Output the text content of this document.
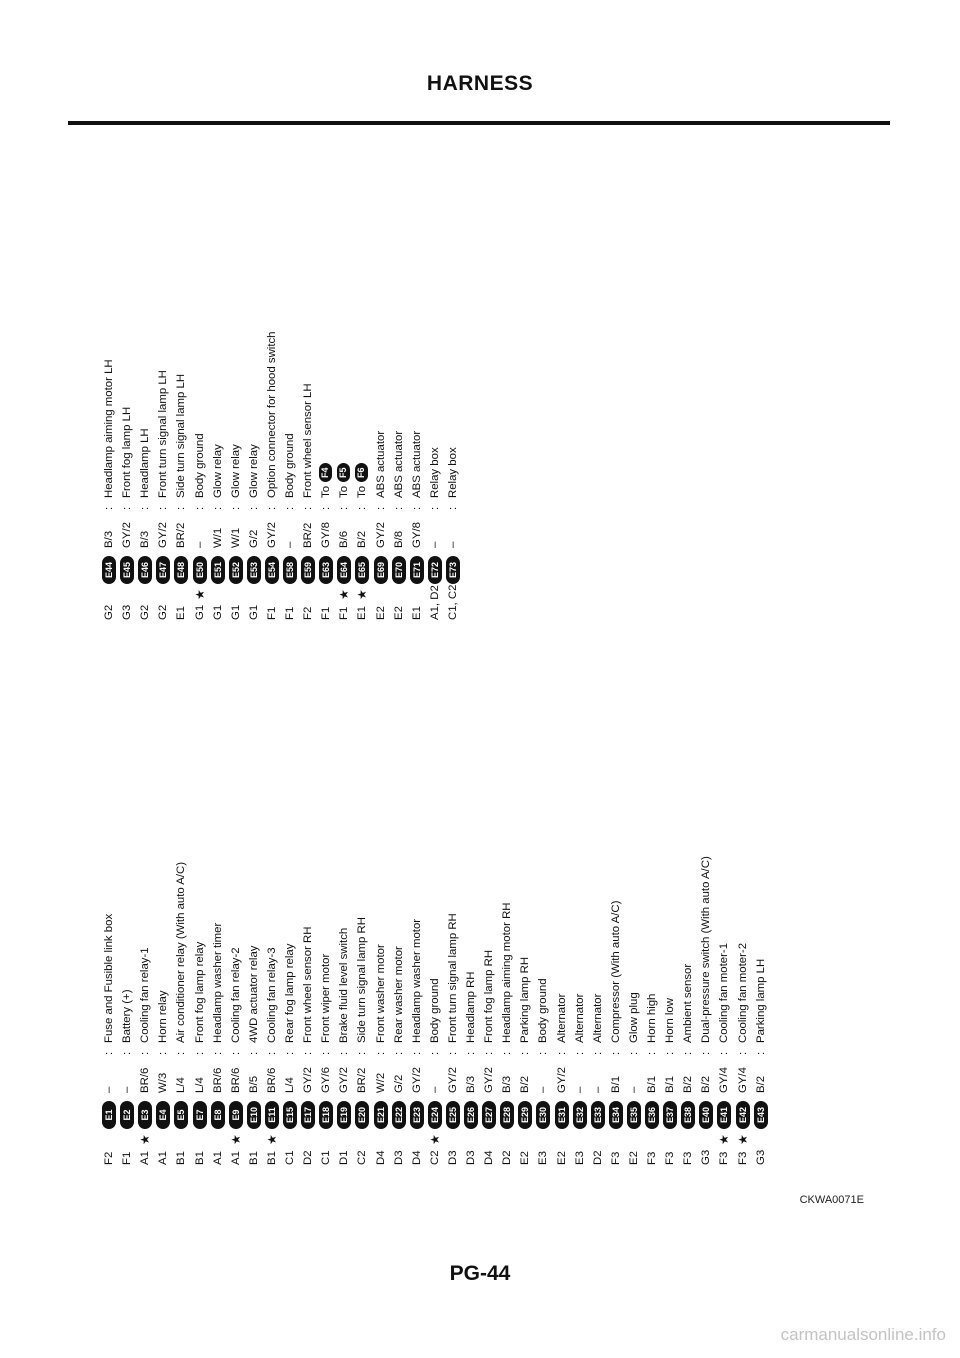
HARNESS
F2
E1
–
:
Fuse and Fusible link box
F1
E2
–
:
Battery (+)
A1
★
E3
BR/6
:
Cooling fan relay-1
A1
E4
W/3
:
Horn relay
B1
E5
L/4
:
Air conditioner relay (With auto A/C)
B1
E7
L/4
:
Front fog lamp relay
A1
E8
BR/6
:
Headlamp washer timer
A1
★
E9
BR/6
:
Cooling fan relay-2
B1
E10
B/5
:
4WD actuator relay
B1
★
E11
BR/6
:
Cooling fan relay-3
C1
E15
L/4
:
Rear fog lamp relay
D2
E17
GY/2
:
Front wheel sensor RH
C1
E18
GY/6
:
Front wiper motor
D1
E19
GY/2
:
Brake fluid level switch
C2
E20
BR/2
:
Side turn signal lamp RH
D4
E21
W/2
:
Front washer motor
D3
E22
G/2
:
Rear washer motor
D4
E23
GY/2
:
Headlamp washer motor
C2
★
E24
–
:
Body ground
D3
E25
GY/2
:
Front turn signal lamp RH
D3
E26
B/3
:
Headlamp RH
D4
E27
GY/2
:
Front fog lamp RH
D2
E28
B/3
:
Headlamp aiming motor RH
E2
E29
B/2
:
Parking lamp RH
E3
E30
–
:
Body ground
E2
E31
GY/2
:
Alternator
E3
E32
–
:
Alternator
D2
E33
–
:
Alternator
F3
E34
B/1
:
Compressor (With auto A/C)
E2
E35
–
:
Glow plug
F3
E36
B/1
:
Horn high
F3
E37
B/1
:
Horn low
F3
E38
B/2
:
Ambient sensor
G3
E40
B/2
:
Dual-pressure switch (With auto A/C)
F3
★
E41
GY/4
:
Cooling fan moter-1
F3
★
E42
GY/4
:
Cooling fan moter-2
G3
E43
B/2
:
Parking lamp LH
G2
E44
B/3
:
Headlamp aiming motor LH
G3
E45
GY/2
:
Front fog lamp LH
G2
E46
B/3
:
Headlamp LH
G2
E47
GY/2
:
Front turn signal lamp LH
E1
E48
BR/2
:
Side turn signal lamp LH
G1
★
E50
–
:
Body ground
G1
E51
W/1
:
Glow relay
G1
E52
W/1
:
Glow relay
G1
E53
G/2
:
Glow relay
F1
E54
GY/2
:
Option connector for hood switch
F1
E58
–
:
Body ground
F2
E59
BR/2
:
Front wheel sensor LH
F1
E63
GY/8
:
ToF4
F1
★
E64
B/6
:
ToF5
E1
★
E65
B/2
:
ToF6
E2
E69
GY/2
:
ABS actuator
E2
E70
B/8
:
ABS actuator
E1
E71
GY/8
:
ABS actuator
A1, D2
E72
–
:
Relay box
C1, C2
E73
–
:
Relay box
CKWA0071E
PG-44
carmanualsonline.info
